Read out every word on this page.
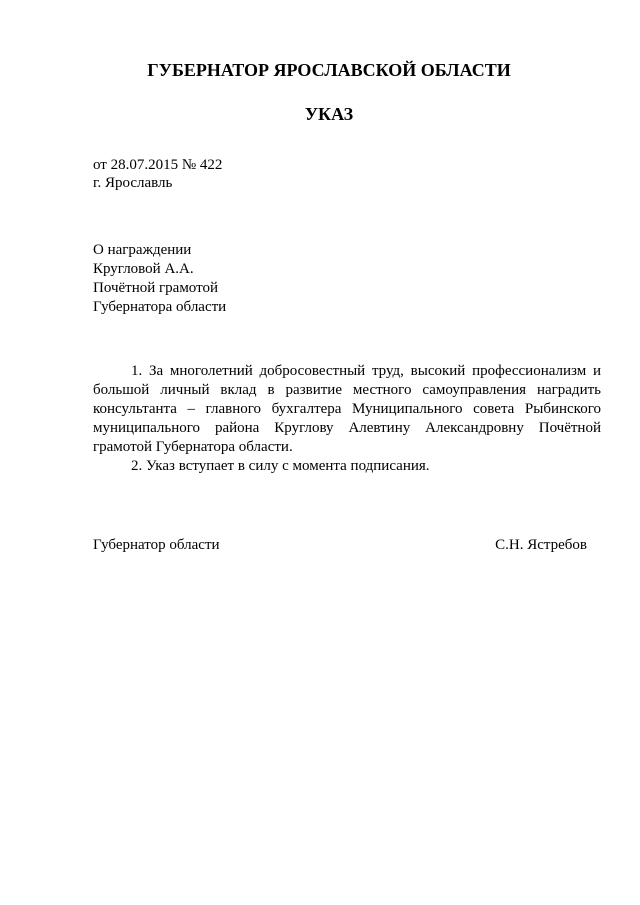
ГУБЕРНАТОР ЯРОСЛАВСКОЙ ОБЛАСТИ
УКАЗ
от 28.07.2015 № 422
г. Ярославль
О награждении
Кругловой А.А.
Почётной грамотой
Губернатора области

1. За многолетний добросовестный труд, высокий профессионализм и большой личный вклад в развитие местного самоуправления наградить консультанта – главного бухгалтера Муниципального совета Рыбинского муниципального района Круглову Алевтину Александровну Почётной грамотой Губернатора области.

2. Указ вступает в силу с момента подписания.

Губернатор области	С.Н. Ястребов
